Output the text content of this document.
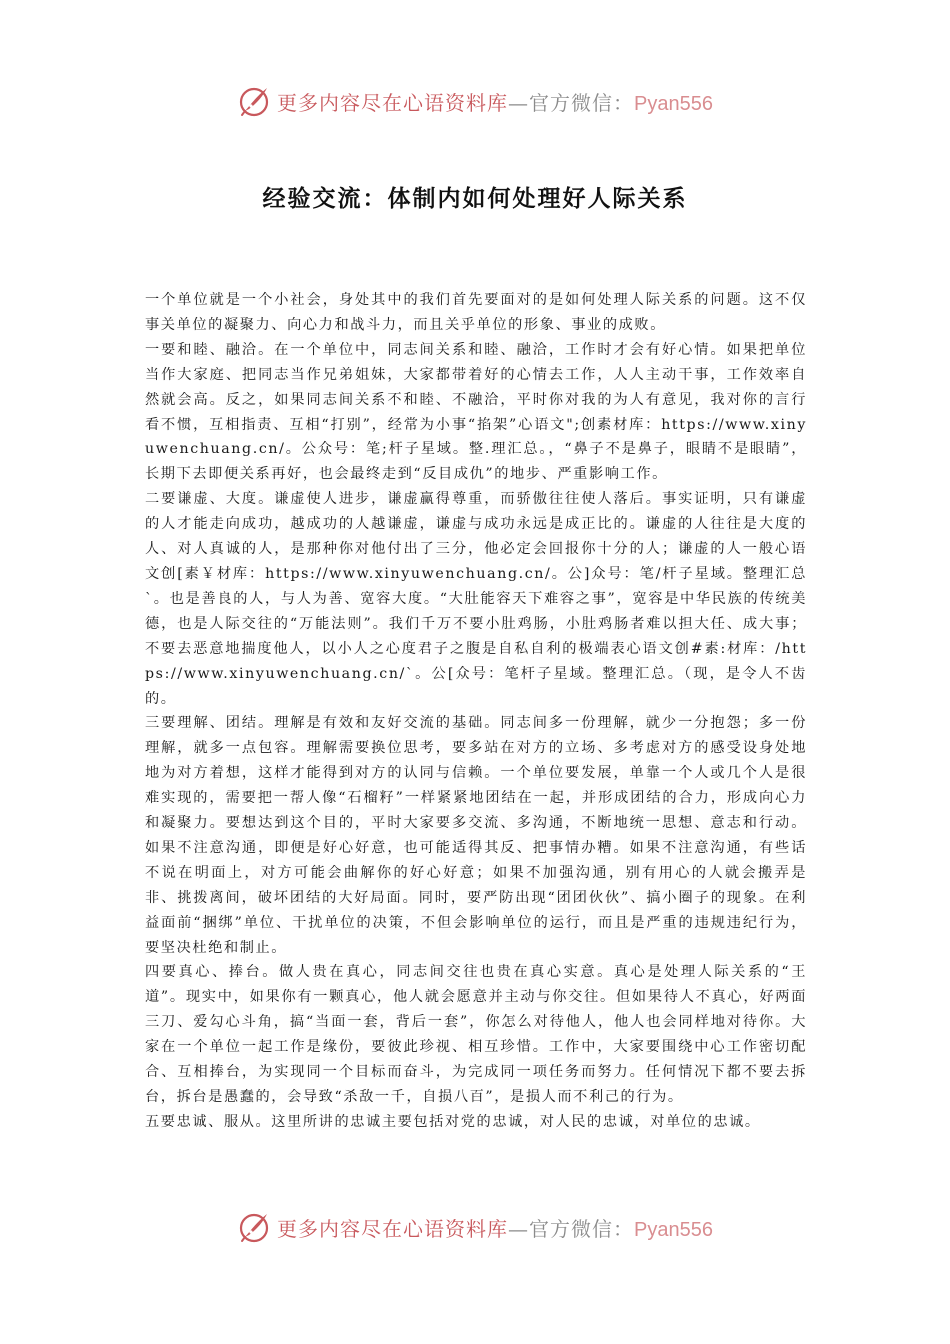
更多内容尽在心语资料库—官方微信：Pyan556
经验交流：体制内如何处理好人际关系

一个单位就是一个小社会，身处其中的我们首先要面对的是如何处理人际关系的问题。这不仅事关单位的凝聚力、向心力和战斗力，而且关乎单位的形象、事业的成败。

一要和睦、融洽。在一个单位中，同志间关系和睦、融洽，工作时才会有好心情。如果把单位当作大家庭、把同志当作兄弟姐妹，大家都带着好的心情去工作，人人主动干事，工作效率自然就会高。反之，如果同志间关系不和睦、不融洽，平时你对我的为人有意见，我对你的言行看不惯，互相指责、互相“打别”，经常为小事“掐架”心语文";创素材库：https://www.xinyuwenchuang.cn/。公众号：笔;杆子星域。整.理汇总。，“鼻子不是鼻子，眼睛不是眼睛”，长期下去即便关系再好，也会最终走到“反目成仇”的地步、严重影响工作。

二要谦虚、大度。谦虚使人进步，谦虚赢得尊重，而骄傲往往使人落后。事实证明，只有谦虚的人才能走向成功，越成功的人越谦虚，谦虚与成功永远是成正比的。谦虚的人往往是大度的人、对人真诚的人，是那种你对他付出了三分，他必定会回报你十分的人；谦虚的人一般心语文创[素￥材库：https://www.xinyuwenchuang.cn/。公]众号：笔/杆子星域。整理汇总`。也是善良的人，与人为善、宽容大度。“大肚能容天下难容之事”，宽容是中华民族的传统美德，也是人际交往的“万能法则”。我们千万不要小肚鸡肠，小肚鸡肠者难以担大任、成大事；不要去恶意地揣度他人，以小人之心度君子之腹是自私自利的极端表心语文创#素:材库：/https://www.xinyuwenchuang.cn/`。公[众号：笔杆子星域。整理汇总。（现，是令人不齿的。

三要理解、团结。理解是有效和友好交流的基础。同志间多一份理解，就少一分抱怨；多一份理解，就多一点包容。理解需要换位思考，要多站在对方的立场、多考虑对方的感受设身处地地为对方着想，这样才能得到对方的认同与信赖。一个单位要发展，单靠一个人或几个人是很难实现的，需要把一帮人像“石榴籽”一样紧紧地团结在一起，并形成团结的合力，形成向心力和凝聚力。要想达到这个目的，平时大家要多交流、多沟通，不断地统一思想、意志和行动。如果不注意沟通，即便是好心好意，也可能适得其反、把事情办糟。如果不注意沟通，有些话不说在明面上，对方可能会曲解你的好心好意；如果不加强沟通，别有用心的人就会搬弄是非、挑拨离间，破坏团结的大好局面。同时，要严防出现“团团伙伙”、搞小圈子的现象。在利益面前“捆绑”单位、干扰单位的决策，不但会影响单位的运行，而且是严重的违规违纪行为，要坚决杜绝和制止。

四要真心、捧台。做人贵在真心，同志间交往也贵在真心实意。真心是处理人际关系的“王道”。现实中，如果你有一颗真心，他人就会愿意并主动与你交往。但如果待人不真心，好两面三刀、爱勾心斗角，搞“当面一套，背后一套”，你怎么对待他人，他人也会同样地对待你。大家在一个单位一起工作是缘份，要彼此珍视、相互珍惜。工作中，大家要围绕中心工作密切配合、互相捧台，为实现同一个目标而奋斗，为完成同一项任务而努力。任何情况下都不要去拆台，拆台是愚蠢的，会导致“杀敌一千，自损八百”，是损人而不利己的行为。

五要忠诚、服从。这里所讲的忠诚主要包括对党的忠诚，对人民的忠诚，对单位的忠诚。

更多内容尽在心语资料库—官方微信：Pyan556
